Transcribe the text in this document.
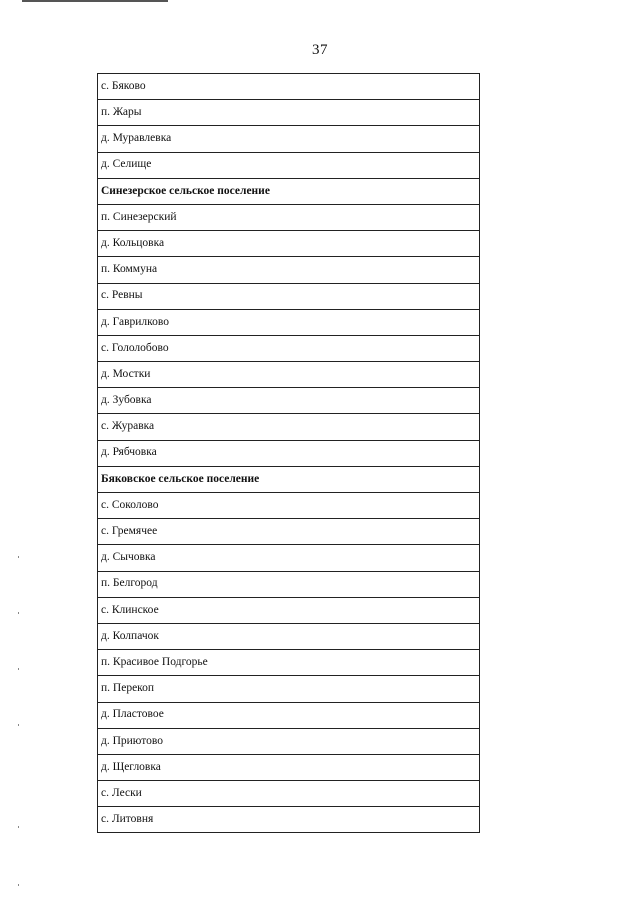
37
с. Бяково
п. Жары
д. Муравлевка
д. Селище
Синезерское сельское поселение
п. Синезерский
д. Кольцовка
п. Коммуна
с. Ревны
д. Гаврилково
с. Гололобово
д. Мостки
д. Зубовка
с. Журавка
д. Рябчовка
Бяковское сельское поселение
с. Соколово
с. Гремячее
д. Сычовка
п. Белгород
с. Клинское
д. Колпачок
п. Красивое Подгорье
п. Перекоп
д. Пластовое
д. Приютово
д. Щегловка
с. Лески
с. Литовня
